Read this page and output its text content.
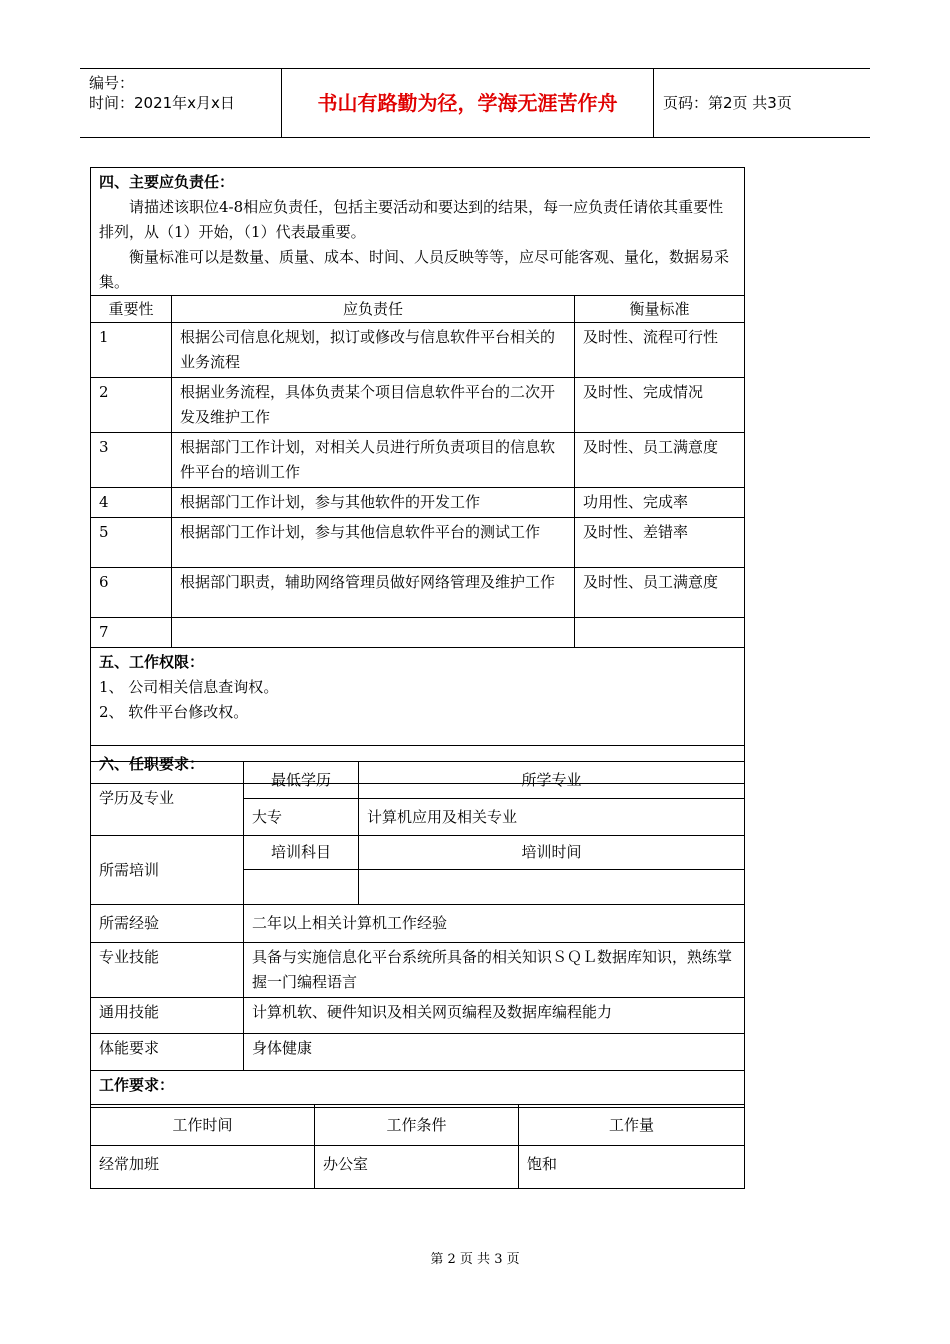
编号：
时间：2021年x月x日	书山有路勤为径，学海无涯苦作舟	页码：第2页 共3页
四、主要应负责任：
请描述该职位4-8相应负责任，包括主要活动和要达到的结果，每一应负责任请依其重要性排列，从（1）开始，（1）代表最重要。
衡量标准可以是数量、质量、成本、时间、人员反映等等，应尽可能客观、量化，数据易采集。		

重要性	应负责任	衡量标准
1	根据公司信息化规划，拟订或修改与信息软件平台相关的业务流程	及时性、流程可行性
2	根据业务流程，具体负责某个项目信息软件平台的二次开发及维护工作	及时性、完成情况
3	根据部门工作计划，对相关人员进行所负责项目的信息软件平台的培训工作	及时性、员工满意度
4	根据部门工作计划，参与其他软件的开发工作	功用性、完成率
5	根据部门工作计划，参与其他信息软件平台的测试工作	及时性、差错率
6	根据部门职责，辅助网络管理员做好网络管理及维护工作	及时性、员工满意度
7		

五、工作权限：
1、 公司相关信息查询权。
2、 软件平台修改权。		

六、任职要求：		
学历及专业	最低学历	所学专业
	大专	计算机应用及相关专业
所需培训	培训科目	培训时间

所需经验	二年以上相关计算机工作经验	
专业技能	具备与实施信息化平台系统所具备的相关知识ＳＱＬ数据库知识，熟练掌握一门编程语言	
通用技能	计算机软、硬件知识及相关网页编程及数据库编程能力	
体能要求	身体健康	
工作要求：		
工作时间	工作条件	工作量
经常加班	办公室	饱和
第 2 页 共 3 页
